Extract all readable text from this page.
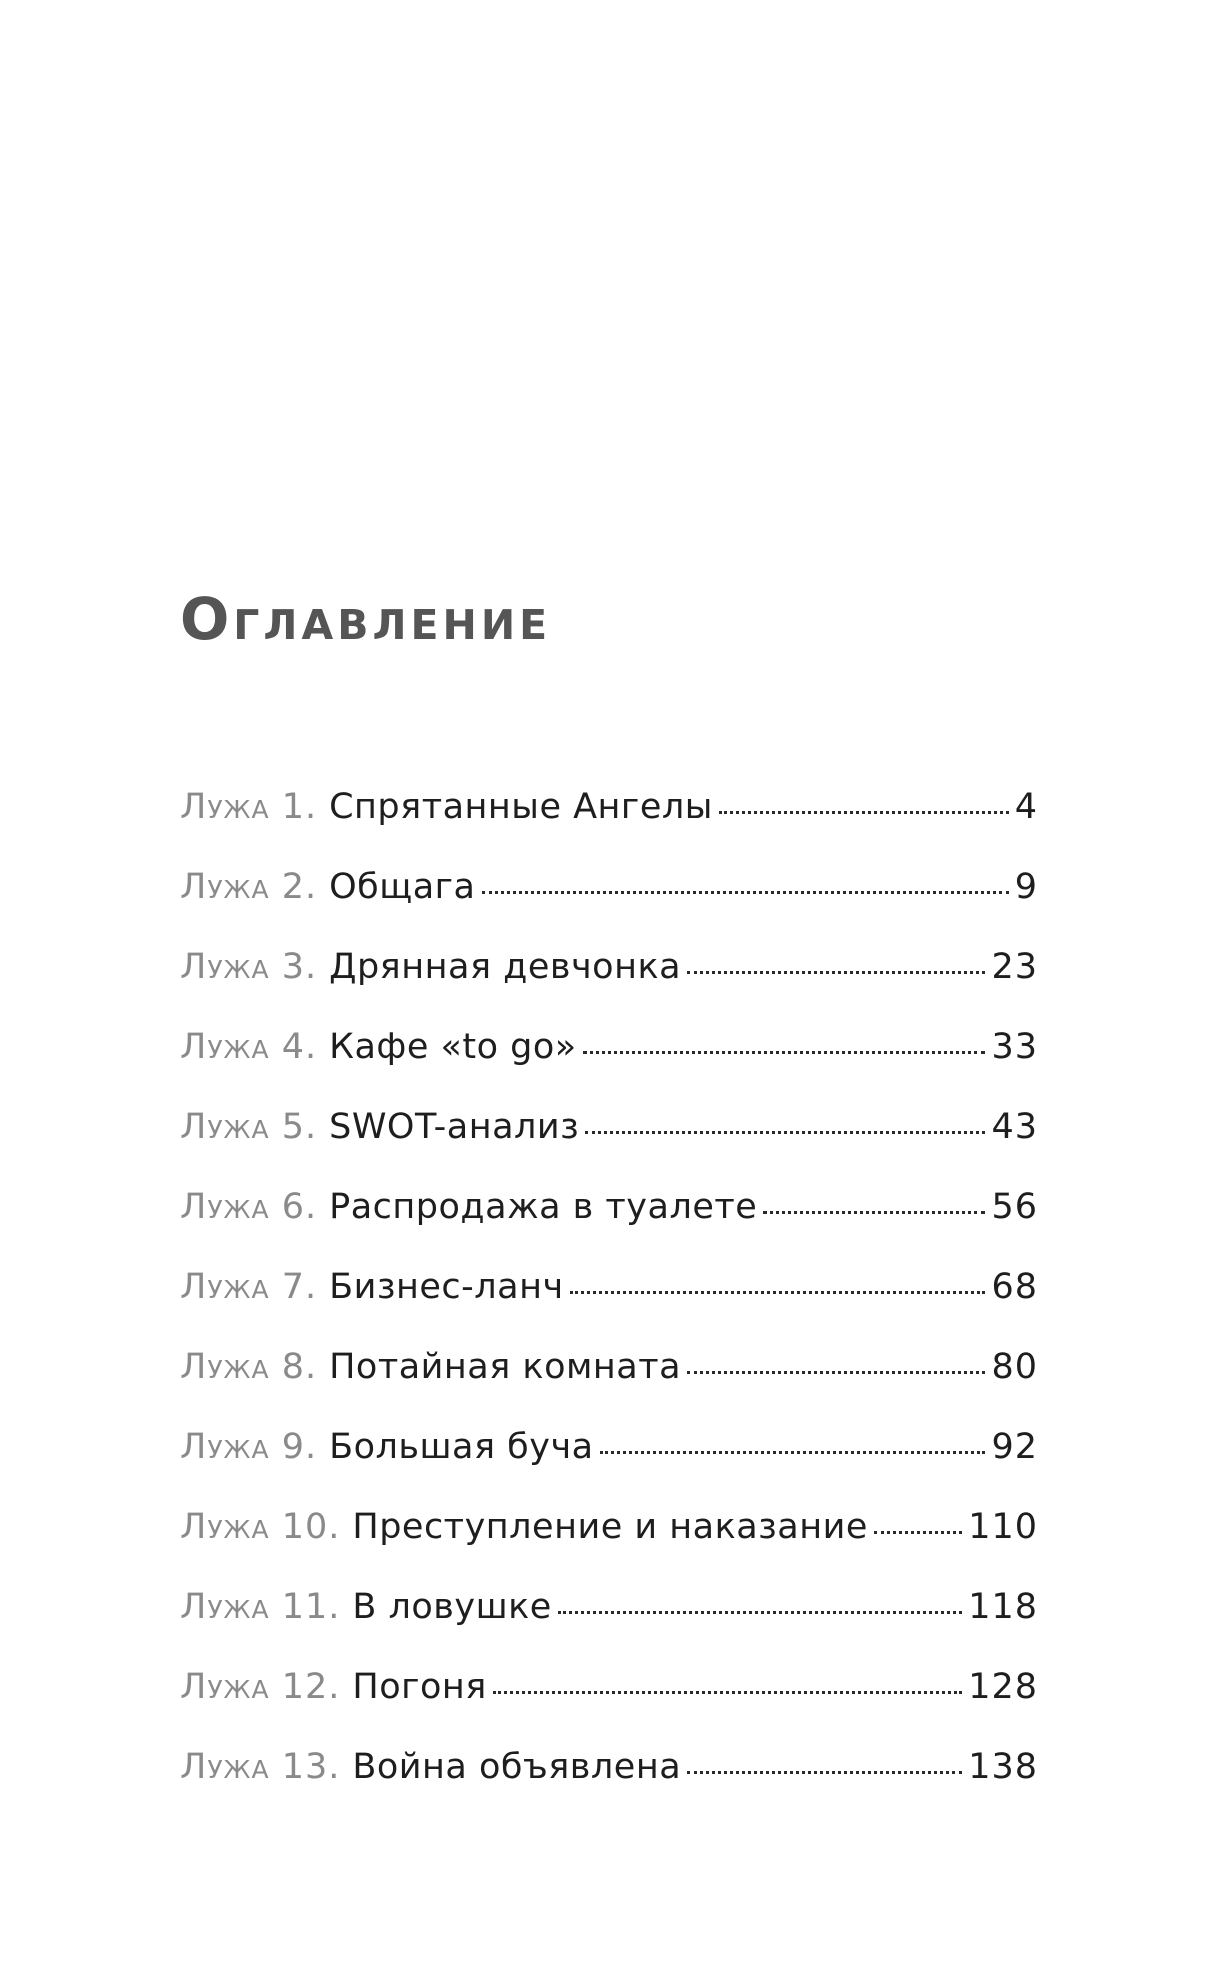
Оглавление
Лужа 1. Спрятанные Ангелы	4
Лужа 2. Общага	9
Лужа 3. Дрянная девчонка	23
Лужа 4. Кафе «to go»	33
Лужа 5. SWOT-анализ	43
Лужа 6. Распродажа в туалете	56
Лужа 7. Бизнес-ланч	68
Лужа 8. Потайная комната	80
Лужа 9. Большая буча	92
Лужа 10. Преступление и наказание	110
Лужа 11. В ловушке	118
Лужа 12. Погоня	128
Лужа 13. Война объявлена	138
